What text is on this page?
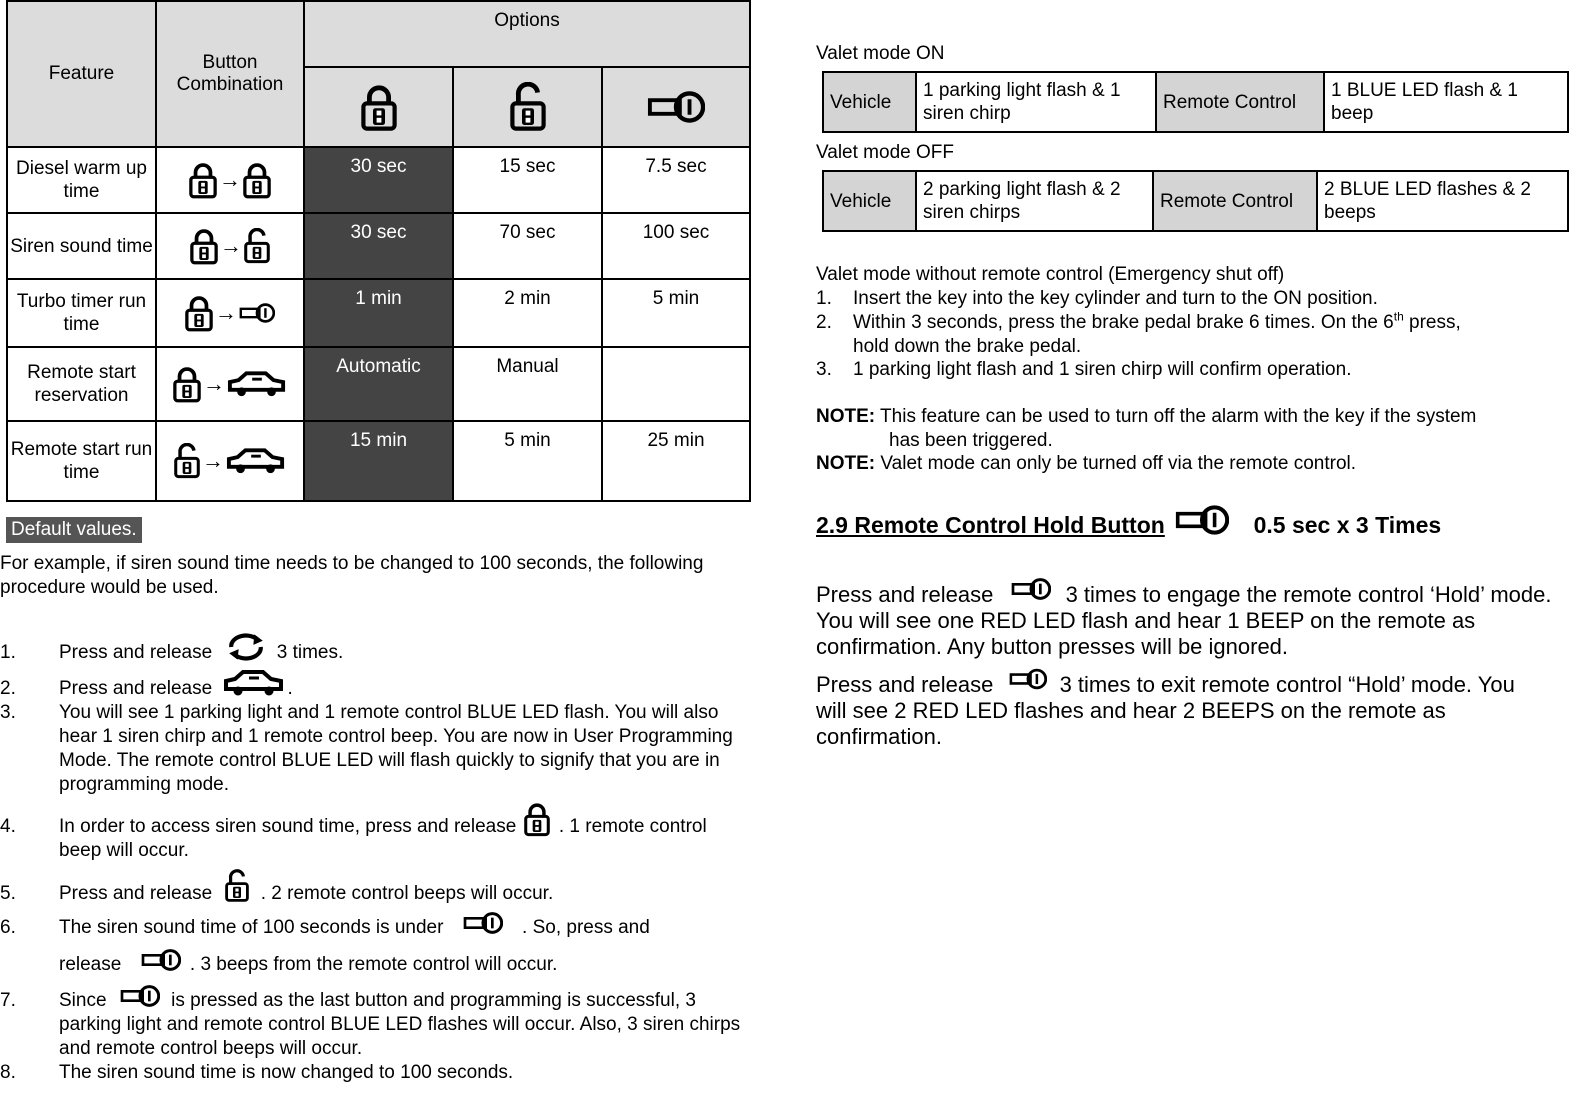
Feature	Button Combination	Options		

Diesel warm up time	→	30 sec	15 sec	7.5 sec
Siren sound time	→	30 sec	70 sec	100 sec
Turbo timer run time	→	1 min	2 min	5 min
Remote start reservation	→	Automatic	Manual	
Remote start run time	→	15 min	5 min	25 min
Default values.
For example, if siren sound time needs to be changed to 100 seconds, the following procedure would be used.
1. Press and release	3 times.
2. Press and release	.
3. You will see 1 parking light and 1 remote control BLUE LED flash. You will also hear 1 siren chirp and 1 remote control beep. You are now in User Programming Mode. The remote control BLUE LED will flash quickly to signify that you are in programming mode.
4. In order to access siren sound time, press and release . 1 remote control beep will occur.
5. Press and release	. 2 remote control beeps will occur.
6. The siren sound time of 100 seconds is under	. So, press and
release	. 3 beeps from the remote control will occur.
7. Since	is pressed as the last button and programming is successful, 3 parking light and remote control BLUE LED flashes will occur. Also, 3 siren chirps and remote control beeps will occur.
8. The siren sound time is now changed to 100 seconds.
Valet mode ON
Vehicle	1 parking light flash & 1 siren chirp	Remote Control	1 BLUE LED flash & 1 beep
Valet mode OFF
Vehicle	2 parking light flash & 2 siren chirps	Remote Control	2 BLUE LED flashes & 2 beeps
Valet mode without remote control (Emergency shut off)
1. Insert the key into the key cylinder and turn to the ON position.
2. Within 3 seconds, press the brake pedal brake 6 times. On the 6th press,
hold down the brake pedal.
3. 1 parking light flash and 1 siren chirp will confirm operation.
NOTE: This feature can be used to turn off the alarm with the key if the system
has been triggered.
NOTE: Valet mode can only be turned off via the remote control.
2.9 Remote Control Hold Button	0.5 sec x 3 Times
Press and release	3 times to engage the remote control ‘Hold’ mode.
You will see one RED LED flash and hear 1 BEEP on the remote as
confirmation. Any button presses will be ignored.
Press and release	3 times to exit remote control “Hold’ mode. You
will see 2 RED LED flashes and hear 2 BEEPS on the remote as
confirmation.
